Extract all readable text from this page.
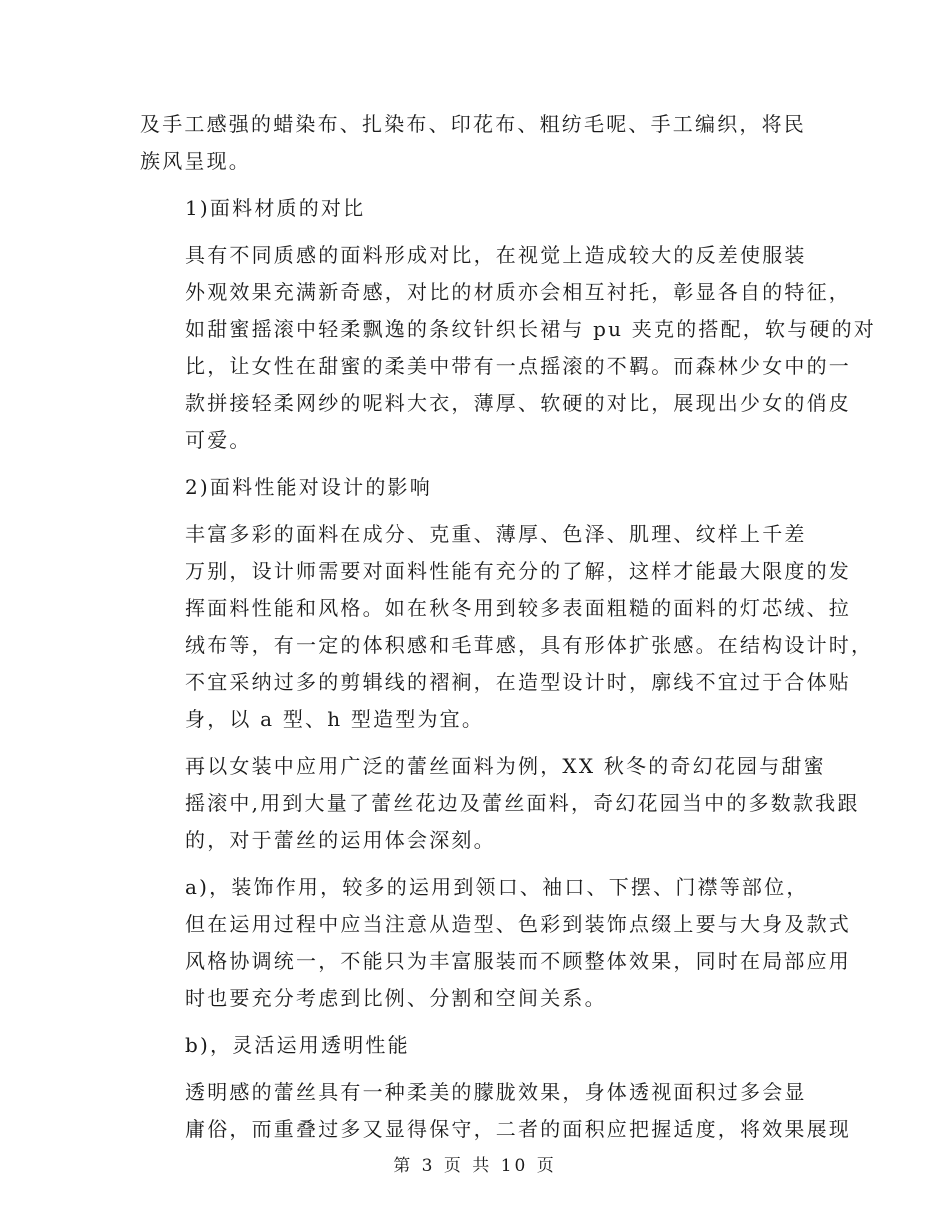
及手工感强的蜡染布、扎染布、印花布、粗纺毛呢、手工编织，将民
族风呈现。

1)面料材质的对比

具有不同质感的面料形成对比，在视觉上造成较大的反差使服装
外观效果充满新奇感，对比的材质亦会相互衬托，彰显各自的特征，
如甜蜜摇滚中轻柔飘逸的条纹针织长裙与 pu 夹克的搭配，软与硬的对
比，让女性在甜蜜的柔美中带有一点摇滚的不羁。而森林少女中的一
款拼接轻柔网纱的呢料大衣，薄厚、软硬的对比，展现出少女的俏皮
可爱。

2)面料性能对设计的影响

丰富多彩的面料在成分、克重、薄厚、色泽、肌理、纹样上千差
万别，设计师需要对面料性能有充分的了解，这样才能最大限度的发
挥面料性能和风格。如在秋冬用到较多表面粗糙的面料的灯芯绒、拉
绒布等，有一定的体积感和毛茸感，具有形体扩张感。在结构设计时，
不宜采纳过多的剪辑线的褶裥，在造型设计时，廓线不宜过于合体贴
身，以 a 型、h 型造型为宜。

再以女装中应用广泛的蕾丝面料为例，XX 秋冬的奇幻花园与甜蜜
摇滚中,用到大量了蕾丝花边及蕾丝面料，奇幻花园当中的多数款我跟
的，对于蕾丝的运用体会深刻。

a)，装饰作用，较多的运用到领口、袖口、下摆、门襟等部位，
但在运用过程中应当注意从造型、色彩到装饰点缀上要与大身及款式
风格协调统一，不能只为丰富服装而不顾整体效果，同时在局部应用
时也要充分考虑到比例、分割和空间关系。

b)，灵活运用透明性能

透明感的蕾丝具有一种柔美的朦胧效果，身体透视面积过多会显
庸俗，而重叠过多又显得保守，二者的面积应把握适度，将效果展现

第 3 页 共 10 页
